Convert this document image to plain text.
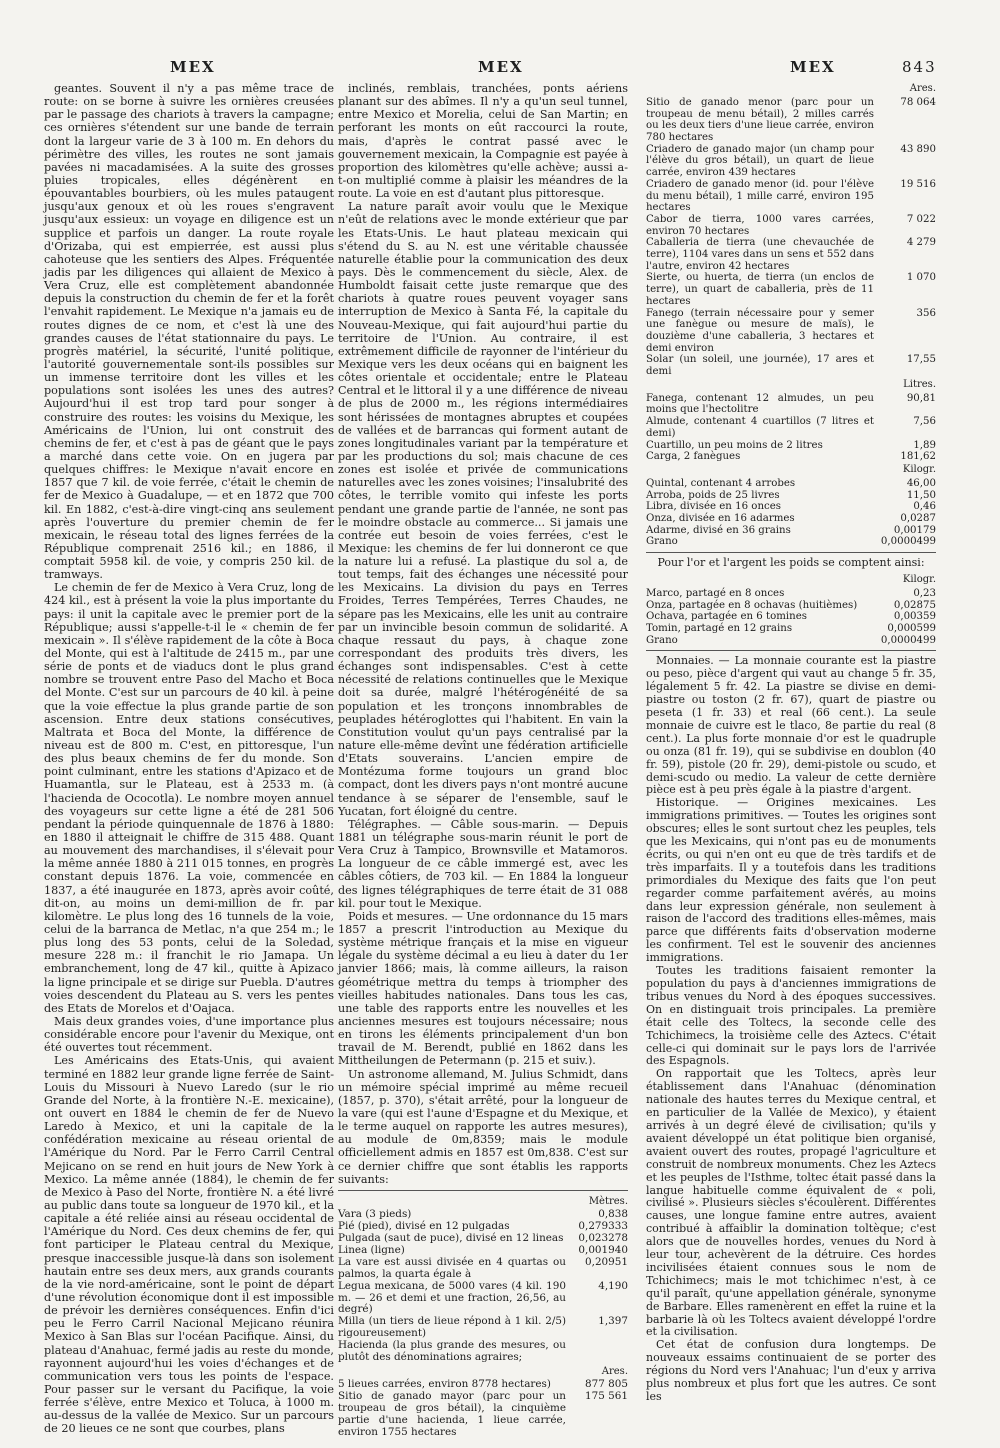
MEX	MEX	MEX	843

geantes. Souvent il n'y a pas même trace de route: on se borne à suivre les ornières creusées par le passage des chariots à travers la campagne; ces ornières s'étendent sur une bande de terrain dont la largeur varie de 3 à 100 m. En dehors du périmètre des villes, les routes ne sont jamais pavées ni macadamisées. A la suite des grosses pluies tropicales, elles dégénèrent en épouvantables bourbiers, où les mules pataugent jusqu'aux genoux et où les roues s'engravent jusqu'aux essieux: un voyage en diligence est un supplice et parfois un danger. La route royale d'Orizaba, qui est empierrée, est aussi plus cahoteuse que les sentiers des Alpes. Fréquentée jadis par les diligences qui allaient de Mexico à Vera Cruz, elle est complètement abandonnée depuis la construction du chemin de fer et la forêt l'envahit rapidement. Le Mexique n'a jamais eu de routes dignes de ce nom, et c'est là une des grandes causes de l'état stationnaire du pays. Le progrès matériel, la sécurité, l'unité politique, l'autorité gouvernementale sont-ils possibles sur un immense territoire dont les villes et les populations sont isolées les unes des autres? Aujourd'hui il est trop tard pour songer à construire des routes: les voisins du Mexique, les Américains de l'Union, lui ont construit des chemins de fer, et c'est à pas de géant que le pays a marché dans cette voie. On en jugera par quelques chiffres: le Mexique n'avait encore en 1857 que 7 kil. de voie ferrée, c'était le chemin de fer de Mexico à Guadalupe, — et en 1872 que 700 kil. En 1882, c'est-à-dire vingt-cinq ans seulement après l'ouverture du premier chemin de fer mexicain, le réseau total des lignes ferrées de la République comprenait 2516 kil.; en 1886, il comptait 5958 kil. de voie, y compris 250 kil. de tramways.

Le chemin de fer de Mexico à Vera Cruz, long de 424 kil., est à présent la voie la plus importante du pays: il unit la capitale avec le premier port de la République; aussi s'appelle-t-il le « chemin de fer mexicain ». Il s'élève rapidement de la côte à Boca del Monte, qui est à l'altitude de 2415 m., par une série de ponts et de viaducs dont le plus grand nombre se trouvent entre Paso del Macho et Boca del Monte. C'est sur un parcours de 40 kil. à peine que la voie effectue la plus grande partie de son ascension. Entre deux stations consécutives, Maltrata et Boca del Monte, la différence de niveau est de 800 m. C'est, en pittoresque, l'un des plus beaux chemins de fer du monde. Son point culminant, entre les stations d'Apizaco et de Huamantla, sur le Plateau, est à 2533 m. (à l'hacienda de Ococotla). Le nombre moyen annuel des voyageurs sur cette ligne a été de 281 506 pendant la période quinquennale de 1876 à 1880: en 1880 il atteignait le chiffre de 315 488. Quant au mouvement des marchandises, il s'élevait pour la même année 1880 à 211 015 tonnes, en progrès constant depuis 1876. La voie, commencée en 1837, a été inaugurée en 1873, après avoir coûté, dit-on, au moins un demi-million de fr. par kilomètre. Le plus long des 16 tunnels de la voie, celui de la barranca de Metlac, n'a que 254 m.; le plus long des 53 ponts, celui de la Soledad, mesure 228 m.: il franchit le rio Jamapa. Un embranchement, long de 47 kil., quitte à Apizaco la ligne principale et se dirige sur Puebla. D'autres voies descendent du Plateau au S. vers les pentes des Etats de Morelos et d'Oajaca.

Mais deux grandes voies, d'une importance plus considérable encore pour l'avenir du Mexique, ont été ouvertes tout récemment.

Les Américains des Etats-Unis, qui avaient terminé en 1882 leur grande ligne ferrée de Saint-Louis du Missouri à Nuevo Laredo (sur le rio Grande del Norte, à la frontière N.-E. mexicaine), ont ouvert en 1884 le chemin de fer de Nuevo Laredo à Mexico, et uni la capitale de la confédération mexicaine au réseau oriental de l'Amérique du Nord. Par le Ferro Carril Central Mejicano on se rend en huit jours de New York à Mexico. La même année (1884), le chemin de fer de Mexico à Paso del Norte, frontière N. a été livré au public dans toute sa longueur de 1970 kil., et la capitale a été reliée ainsi au réseau occidental de l'Amérique du Nord. Ces deux chemins de fer, qui font participer le Plateau central du Mexique, presque inaccessible jusque-là dans son isolement hautain entre ses deux mers, aux grands courants de la vie nord-américaine, sont le point de départ d'une révolution économique dont il est impossible de prévoir les dernières conséquences. Enfin d'ici peu le Ferro Carril Nacional Mejicano réunira Mexico à San Blas sur l'océan Pacifique. Ainsi, du plateau d'Anahuac, fermé jadis au reste du monde, rayonnent aujourd'hui les voies d'échanges et de communication vers tous les points de l'espace. Pour passer sur le versant du Pacifique, la voie ferrée s'élève, entre Mexico et Toluca, à 1000 m. au-dessus de la vallée de Mexico. Sur un parcours de 20 lieues ce ne sont que courbes, plans

inclinés, remblais, tranchées, ponts aériens planant sur des abîmes. Il n'y a qu'un seul tunnel, entre Mexico et Morelia, celui de San Martin; en perforant les monts on eût raccourci la route, mais, d'après le contrat passé avec le gouvernement mexicain, la Compagnie est payée à proportion des kilomètres qu'elle achève; aussi a-t-on multiplié comme à plaisir les méandres de la route. La voie en est d'autant plus pittoresque.

La nature paraît avoir voulu que le Mexique n'eût de relations avec le monde extérieur que par les Etats-Unis. Le haut plateau mexicain qui s'étend du S. au N. est une véritable chaussée naturelle établie pour la communication des deux pays. Dès le commencement du siècle, Alex. de Humboldt faisait cette juste remarque que des chariots à quatre roues peuvent voyager sans interruption de Mexico à Santa Fé, la capitale du Nouveau-Mexique, qui fait aujourd'hui partie du territoire de l'Union. Au contraire, il est extrêmement difficile de rayonner de l'intérieur du Mexique vers les deux océans qui en baignent les côtes orientale et occidentale; entre le Plateau Central et le littoral il y a une différence de niveau de plus de 2000 m., les régions intermédiaires sont hérissées de montagnes abruptes et coupées de vallées et de barrancas qui forment autant de zones longitudinales variant par la température et par les productions du sol; mais chacune de ces zones est isolée et privée de communications naturelles avec les zones voisines; l'insalubrité des côtes, le terrible vomito qui infeste les ports pendant une grande partie de l'année, ne sont pas le moindre obstacle au commerce... Si jamais une contrée eut besoin de voies ferrées, c'est le Mexique: les chemins de fer lui donneront ce que la nature lui a refusé. La plastique du sol a, de tout temps, fait des échanges une nécessité pour les Mexicains. La division du pays en Terres Froides, Terres Tempérées, Terres Chaudes, ne sépare pas les Mexicains, elle les unit au contraire par un invincible besoin commun de solidarité. A chaque ressaut du pays, à chaque zone correspondant des produits très divers, les échanges sont indispensables. C'est à cette nécessité de relations continuelles que le Mexique doit sa durée, malgré l'hétérogénéité de sa population et les tronçons innombrables de peuplades hétéroglottes qui l'habitent. En vain la Constitution voulut qu'un pays centralisé par la nature elle-même devînt une fédération artificielle d'Etats souverains. L'ancien empire de Montézuma forme toujours un grand bloc compact, dont les divers pays n'ont montré aucune tendance à se séparer de l'ensemble, sauf le Yucatan, fort éloigné du centre.

Télégraphes. — Câble sous-marin. — Depuis 1881 un télégraphe sous-marin réunit le port de Vera Cruz à Tampico, Brownsville et Matamoros. La longueur de ce câble immergé est, avec les câbles côtiers, de 703 kil. — En 1884 la longueur des lignes télégraphiques de terre était de 31 088 kil. pour tout le Mexique.

Poids et mesures. — Une ordonnance du 15 mars 1857 a prescrit l'introduction au Mexique du système métrique français et la mise en vigueur légale du système décimal a eu lieu à dater du 1er janvier 1866; mais, là comme ailleurs, la raison géométrique mettra du temps à triompher des vieilles habitudes nationales. Dans tous les cas, une table des rapports entre les nouvelles et les anciennes mesures est toujours nécessaire; nous en tirons les éléments principalement d'un bon travail de M. Berendt, publié en 1862 dans les Mittheilungen de Petermann (p. 215 et suiv.).

Un astronome allemand, M. Julius Schmidt, dans un mémoire spécial imprimé au même recueil (1857, p. 370), s'était arrêté, pour la longueur de la vare (qui est l'aune d'Espagne et du Mexique, et le terme auquel on rapporte les autres mesures), au module de 0m,8359; mais le module officiellement admis en 1857 est 0m,838. C'est sur ce dernier chiffre que sont établis les rapports suivants:

Mètres.
Vara (3 pieds)	0,838
Pié (pied), divisé en 12 pulgadas	0,279333
Pulgada (saut de puce), divisé en 12 lineas	0,023278
Linea (ligne)	0,001940
La vare est aussi divisée en 4 quartas ou palmos, la quarta égale à	0,20951
Legua mexicana, de 5000 vares (4 kil. 190 m. — 26 et demi et une fraction, 26,56, au degré)	4,190
Milla (un tiers de lieue répond à 1 kil. 2/5) rigoureusement)	1,397
Hacienda (la plus grande des mesures, ou plutôt des dénominations agraires;	
Ares.
5 lieues carrées, environ 8778 hectares)	877 805
Sitio de ganado mayor (parc pour un troupeau de gros bétail), la cinquième partie d'une hacienda, 1 lieue carrée, environ 1755 hectares	175 561
Ares.
Sitio de ganado menor (parc pour un troupeau de menu bétail), 2 milles carrés ou les deux tiers d'une lieue carrée, environ 780 hectares	78 064
Criadero de ganado major (un champ pour l'élève du gros bétail), un quart de lieue carrée, environ 439 hectares	43 890
Criadero de ganado menor (id. pour l'élève du menu bétail), 1 mille carré, environ 195 hectares	19 516
Cabor de tierra, 1000 vares carrées, environ 70 hectares	7 022
Caballeria de tierra (une chevauchée de terre), 1104 vares dans un sens et 552 dans l'autre, environ 42 hectares	4 279
Sierte, ou huerta, de tierra (un enclos de terre), un quart de caballeria, près de 11 hectares	1 070
Fanego (terrain nécessaire pour y semer une fanègue ou mesure de maïs), le douzième d'une caballeria, 3 hectares et demi environ	356
Solar (un soleil, une journée), 17 ares et demi	17,55
Litres.
Fanega, contenant 12 almudes, un peu moins que l'hectolitre	90,81
Almude, contenant 4 cuartillos (7 litres et demi)	7,56
Cuartillo, un peu moins de 2 litres	1,89
Carga, 2 fanègues	181,62
Kilogr.
Quintal, contenant 4 arrobes	46,00
Arroba, poids de 25 livres	11,50
Libra, divisée en 16 onces	0,46
Onza, divisée en 16 adarmes	0,0287
Adarme, divisé en 36 grains	0,00179
Grano	0,0000499
Pour l'or et l'argent les poids se comptent ainsi:
Kilogr.
Marco, partagé en 8 onces	0,23
Onza, partagée en 8 ochavas (huitièmes)	0,02875
Ochava, partagée en 6 tomines	0,00359
Tomin, partagé en 12 grains	0,000599
Grano	0,0000499

Monnaies. — La monnaie courante est la piastre ou peso, pièce d'argent qui vaut au change 5 fr. 35, légalement 5 fr. 42. La piastre se divise en demi-piastre ou toston (2 fr. 67), quart de piastre ou peseta (1 fr. 33) et real (66 cent.). La seule monnaie de cuivre est le tlaco, 8e partie du real (8 cent.). La plus forte monnaie d'or est le quadruple ou onza (81 fr. 19), qui se subdivise en doublon (40 fr. 59), pistole (20 fr. 29), demi-pistole ou scudo, et demi-scudo ou medio. La valeur de cette dernière pièce est à peu près égale à la piastre d'argent.

Historique. — Origines mexicaines. Les immigrations primitives. — Toutes les origines sont obscures; elles le sont surtout chez les peuples, tels que les Mexicains, qui n'ont pas eu de monuments écrits, ou qui n'en ont eu que de très tardifs et de très imparfaits. Il y a toutefois dans les traditions primordiales du Mexique des faits que l'on peut regarder comme parfaitement avérés, au moins dans leur expression générale, non seulement à raison de l'accord des traditions elles-mêmes, mais parce que différents faits d'observation moderne les confirment. Tel est le souvenir des anciennes immigrations.

Toutes les traditions faisaient remonter la population du pays à d'anciennes immigrations de tribus venues du Nord à des époques successives. On en distinguait trois principales. La première était celle des Toltecs, la seconde celle des Tchichimecs, la troisième celle des Aztecs. C'était celle-ci qui dominait sur le pays lors de l'arrivée des Espagnols.

On rapportait que les Toltecs, après leur établissement dans l'Anahuac (dénomination nationale des hautes terres du Mexique central, et en particulier de la Vallée de Mexico), y étaient arrivés à un degré élevé de civilisation; qu'ils y avaient développé un état politique bien organisé, avaient ouvert des routes, propagé l'agriculture et construit de nombreux monuments. Chez les Aztecs et les peuples de l'Isthme, toltec était passé dans la langue habituelle comme équivalent de « poli, civilisé ». Plusieurs siècles s'écoulèrent. Différentes causes, une longue famine entre autres, avaient contribué à affaiblir la domination toltèque; c'est alors que de nouvelles hordes, venues du Nord à leur tour, achevèrent de la détruire. Ces hordes incivilisées étaient connues sous le nom de Tchichimecs; mais le mot tchichimec n'est, à ce qu'il paraît, qu'une appellation générale, synonyme de Barbare. Elles ramenèrent en effet la ruine et la barbarie là où les Toltecs avaient développé l'ordre et la civilisation.

Cet état de confusion dura longtemps. De nouveaux essaims continuaient de se porter des régions du Nord vers l'Anahuac; l'un d'eux y arriva plus nombreux et plus fort que les autres. Ce sont les
